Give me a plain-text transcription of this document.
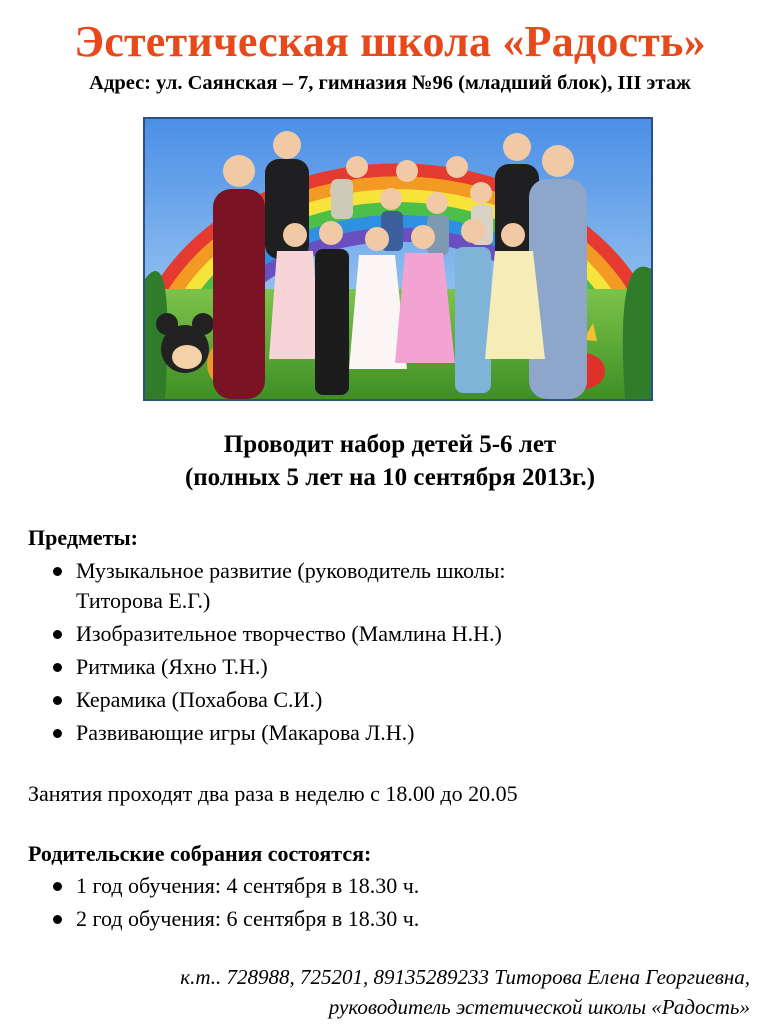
Эстетическая школа «Радость»
Адрес: ул. Саянская – 7, гимназия №96 (младший блок), III этаж
Проводит набор детей 5-6 лет
(полных 5 лет на 10 сентября 2013г.)
Предметы:
Музыкальное развитие (руководитель школы: Титорова Е.Г.)
Изобразительное творчество (Мамлина Н.Н.)
Ритмика (Яхно Т.Н.)
Керамика (Похабова С.И.)
Развивающие игры (Макарова Л.Н.)
Занятия проходят два раза в неделю с 18.00 до 20.05
Родительские собрания состоятся:
1 год обучения: 4 сентября в 18.30 ч.
2 год обучения: 6 сентября в 18.30 ч.
к.т.. 728988, 725201, 89135289233 Титорова Елена Георгиевна,
руководитель эстетической школы «Радость»
